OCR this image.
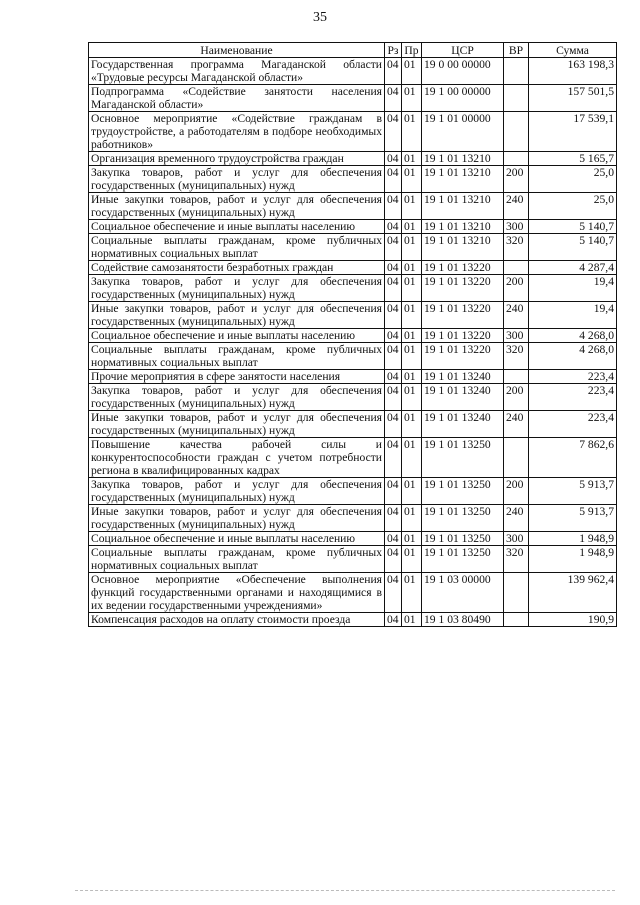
35
Наименование	Рз	Пр	ЦСР	ВР	Сумма
Государственная программа Магаданской области «Трудовые ресурсы Магаданской области»	04	01	19 0 00 00000		163 198,3
Подпрограмма «Содействие занятости населения Магаданской области»	04	01	19 1 00 00000		157 501,5
Основное мероприятие «Содействие гражданам в трудоустройстве, а работодателям в подборе необходимых работников»	04	01	19 1 01 00000		17 539,1
Организация временного трудоустройства граждан	04	01	19 1 01 13210		5 165,7
Закупка товаров, работ и услуг для обеспечения государственных (муниципальных) нужд	04	01	19 1 01 13210	200	25,0
Иные закупки товаров, работ и услуг для обеспечения государственных (муниципальных) нужд	04	01	19 1 01 13210	240	25,0
Социальное обеспечение и иные выплаты населению	04	01	19 1 01 13210	300	5 140,7
Социальные выплаты гражданам, кроме публичных нормативных социальных выплат	04	01	19 1 01 13210	320	5 140,7
Содействие самозанятости безработных граждан	04	01	19 1 01 13220		4 287,4
Закупка товаров, работ и услуг для обеспечения государственных (муниципальных) нужд	04	01	19 1 01 13220	200	19,4
Иные закупки товаров, работ и услуг для обеспечения государственных (муниципальных) нужд	04	01	19 1 01 13220	240	19,4
Социальное обеспечение и иные выплаты населению	04	01	19 1 01 13220	300	4 268,0
Социальные выплаты гражданам, кроме публичных нормативных социальных выплат	04	01	19 1 01 13220	320	4 268,0
Прочие мероприятия в сфере занятости населения	04	01	19 1 01 13240		223,4
Закупка товаров, работ и услуг для обеспечения государственных (муниципальных) нужд	04	01	19 1 01 13240	200	223,4
Иные закупки товаров, работ и услуг для обеспечения государственных (муниципальных) нужд	04	01	19 1 01 13240	240	223,4
Повышение качества рабочей силы и конкурентоспособности граждан с учетом потребности региона в квалифицированных кадрах	04	01	19 1 01 13250		7 862,6
Закупка товаров, работ и услуг для обеспечения государственных (муниципальных) нужд	04	01	19 1 01 13250	200	5 913,7
Иные закупки товаров, работ и услуг для обеспечения государственных (муниципальных) нужд	04	01	19 1 01 13250	240	5 913,7
Социальное обеспечение и иные выплаты населению	04	01	19 1 01 13250	300	1 948,9
Социальные выплаты гражданам, кроме публичных нормативных социальных выплат	04	01	19 1 01 13250	320	1 948,9
Основное мероприятие «Обеспечение выполнения функций государственными органами и находящимися в их ведении государственными учреждениями»	04	01	19 1 03 00000		139 962,4
Компенсация расходов на оплату стоимости проезда	04	01	19 1 03 80490		190,9
